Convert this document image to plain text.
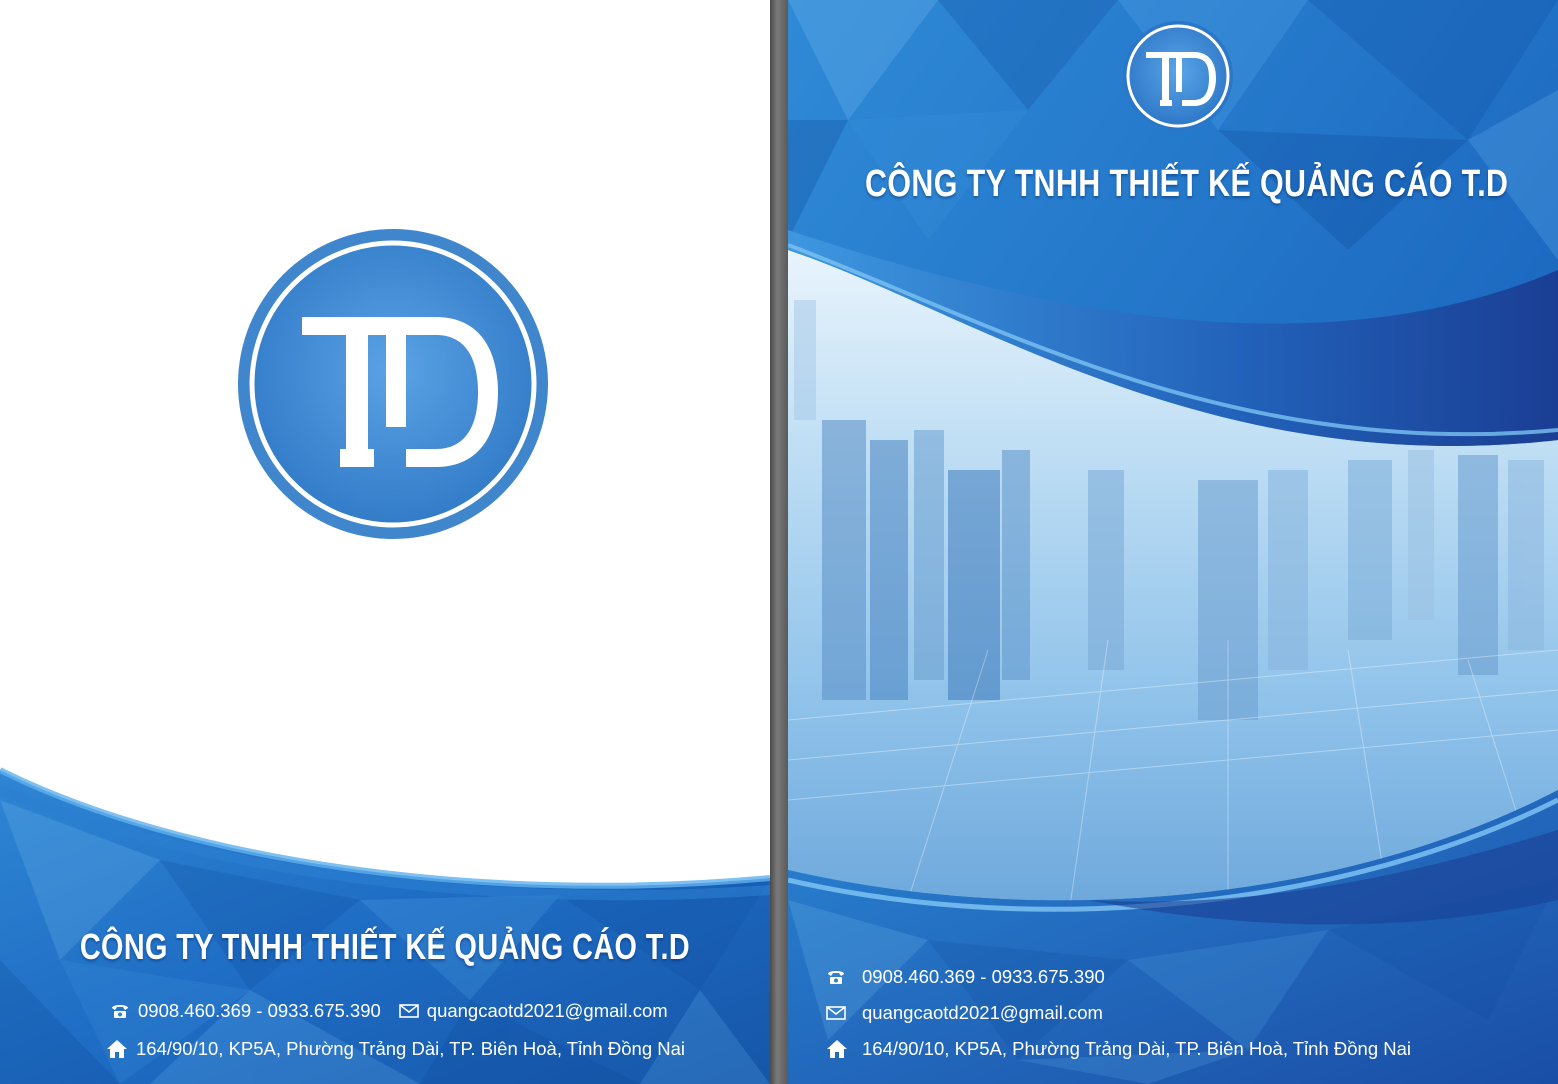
CÔNG TY TNHH THIẾT KẾ QUẢNG CÁO T.D
0908.460.369 - 0933.675.390 quangcaotd2021@gmail.com
164/90/10, KP5A, Phường Trảng Dài, TP. Biên Hoà, Tỉnh Đồng Nai
CÔNG TY TNHH THIẾT KẾ QUẢNG CÁO T.D
0908.460.369 - 0933.675.390
quangcaotd2021@gmail.com
164/90/10, KP5A, Phường Trảng Dài, TP. Biên Hoà, Tỉnh Đồng Nai
